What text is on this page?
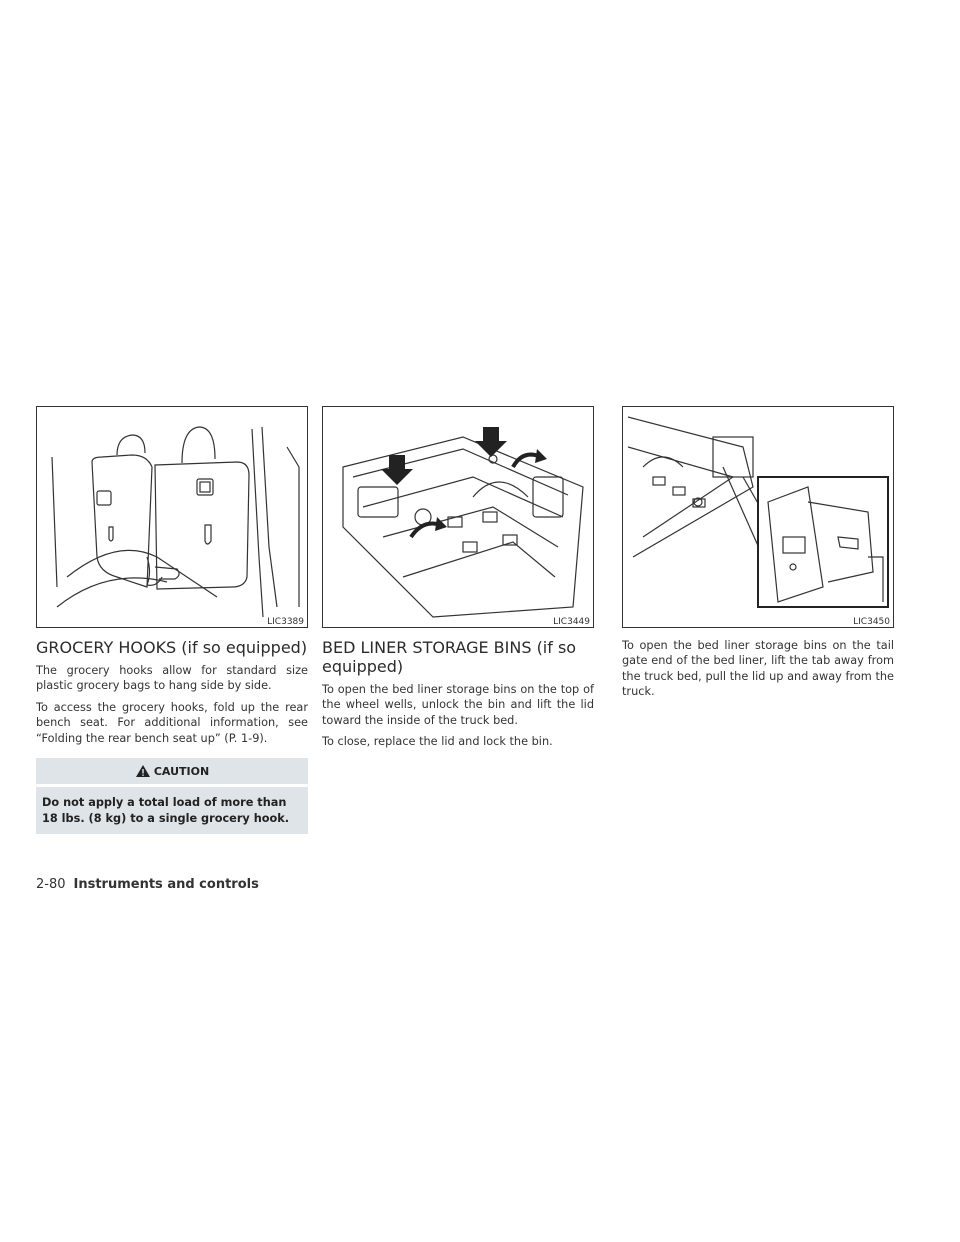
LIC3389
GROCERY HOOKS (if so equipped)

The grocery hooks allow for standard size plastic grocery bags to hang side by side.

To access the grocery hooks, fold up the rear bench seat. For additional information, see “Folding the rear bench seat up” (P. 1-9).

CAUTION
Do not apply a total load of more than 18 lbs. (8 kg) to a single grocery hook.
LIC3449
BED LINER STORAGE BINS (if so equipped)

To open the bed liner storage bins on the top of the wheel wells, unlock the bin and lift the lid toward the inside of the truck bed.

To close, replace the lid and lock the bin.

LIC3450

To open the bed liner storage bins on the tail gate end of the bed liner, lift the tab away from the truck bed, pull the lid up and away from the truck.

2-80 Instruments and controls
